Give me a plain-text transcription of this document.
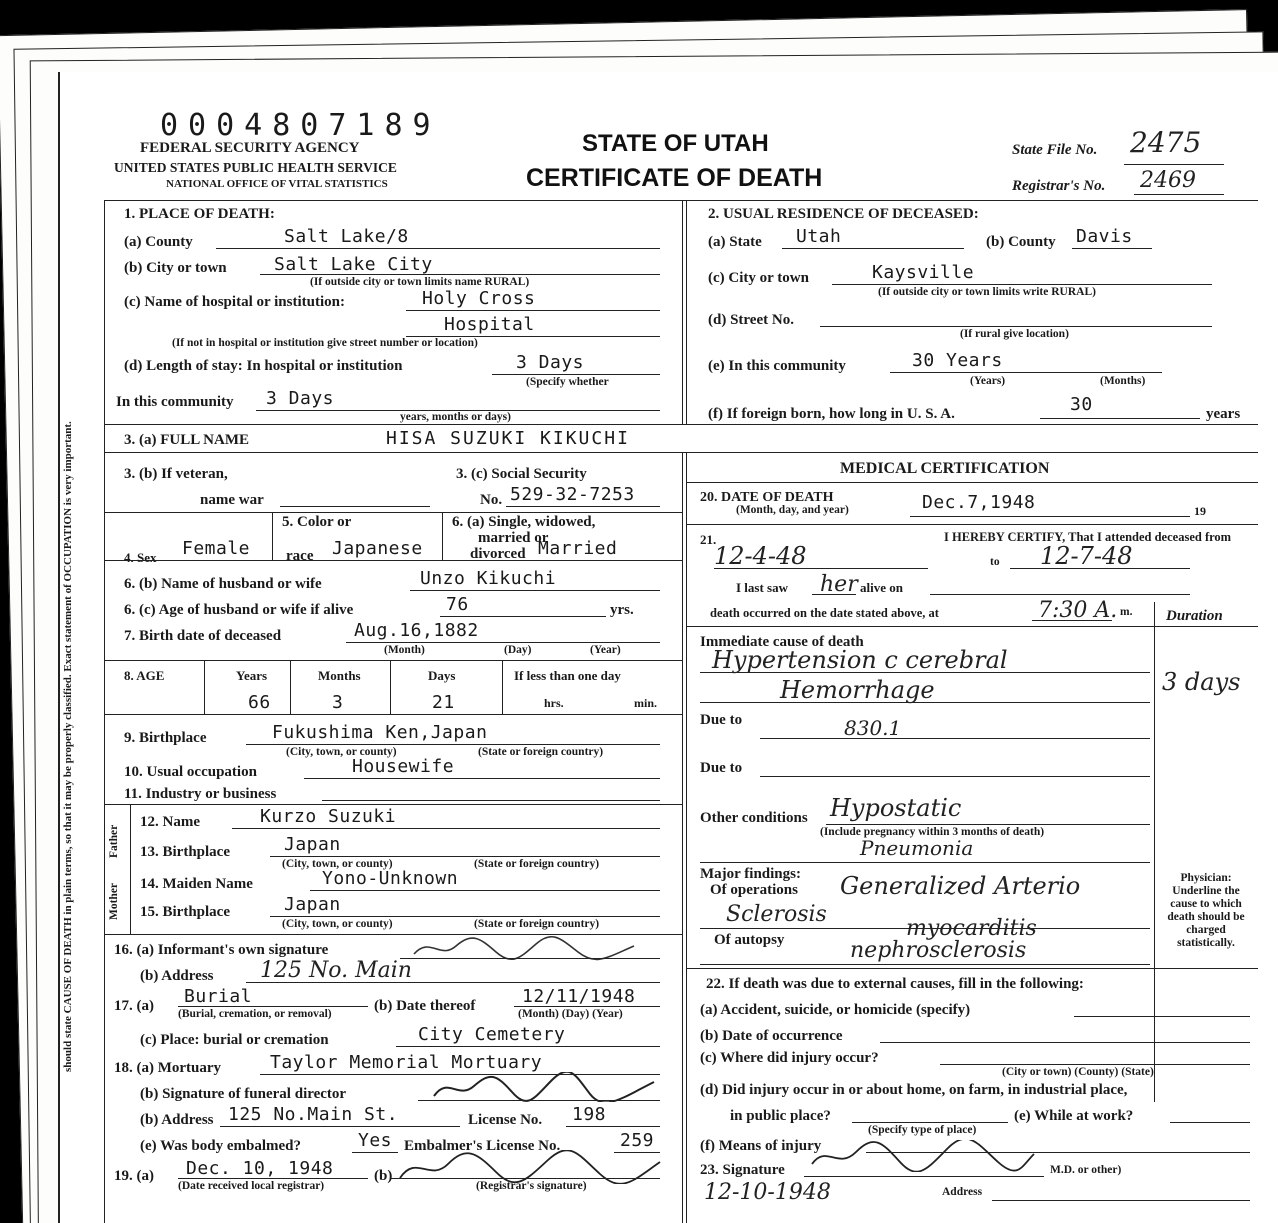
should state CAUSE OF DEATH in plain terms, so that it may be properly classified. Exact statement of OCCUPATION is very important.
0004807189
FEDERAL SECURITY AGENCY
UNITED STATES PUBLIC HEALTH SERVICE
NATIONAL OFFICE OF VITAL STATISTICS
STATE OF UTAH
CERTIFICATE OF DEATH
State File No. 2475
Registrar's No. 2469
1. PLACE OF DEATH:
(a) County	Salt Lake/8
(b) City or town	Salt Lake City
(If outside city or town limits name RURAL)
(c) Name of hospital or institution:	Holy Cross
Hospital
(If not in hospital or institution give street number or location)
(d) Length of stay: In hospital or institution	3 Days
(Specify whether
In this community 3 Days
years, months or days)
2. USUAL RESIDENCE OF DECEASED:
(a) State Utah	(b) County Davis
(c) City or town	Kaysville
(If outside city or town limits write RURAL)
(d) Street No.
(If rural give location)
(e) In this community	30 Years
(Years)	(Months)
(f) If foreign born, how long in U. S. A.	30	years
3. (a) FULL NAME	HISA SUZUKI KIKUCHI
3. (b) If veteran,
name war
3. (c) Social Security
No. 529-32-7253
4. Sex Female
5. Color or
race Japanese
6. (a) Single, widowed,
married or
divorced Married
6. (b) Name of husband or wife	Unzo Kikuchi
6. (c) Age of husband or wife if alive	76	yrs.
7. Birth date of deceased	Aug.16,1882
(Month)	(Day)	(Year)
8. AGE	Years	Months	Days	If less than one day
66	3	21	hrs.	min.
9. Birthplace	Fukushima Ken,Japan
(City, town, or county)	(State or foreign country)
10. Usual occupation	Housewife
11. Industry or business
Father
Mother
12. Name	Kurzo Suzuki
13. Birthplace	Japan
(City, town, or county)	(State or foreign country)
14. Maiden Name	Yono-Unknown
15. Birthplace	Japan
(City, town, or county)	(State or foreign country)
16. (a) Informant's own signature
(b) Address 125 No. Main
17. (a) Burial
(Burial, cremation, or removal)	(b) Date thereof	12/11/1948
(Month) (Day) (Year)
(c) Place: burial or cremation	City Cemetery
18. (a) Mortuary	Taylor Memorial Mortuary
(b) Signature of funeral director
(b) Address 125 No.Main St.	License No. 198
(e) Was body embalmed?	Yes Embalmer's License No.	259
19. (a) Dec. 10, 1948
(Date received local registrar)
(b)
(Registrar's signature)
MEDICAL CERTIFICATION
20. DATE OF DEATH
(Month, day, and year)	Dec.7,1948	19
21.	I HEREBY CERTIFY, That I attended deceased from
12-4-48	to 12-7-48
I last saw her alive on
death occurred on the date stated above, at	7:30 A. m. Duration
Immediate cause of death
Hypertension c cerebral
Hemorrhage	3 days
Due to	830.1
Due to
Other conditions Hypostatic
(Include pregnancy within 3 months of death)
Pneumonia
Major findings:
Of operations Generalized Arterio
Sclerosis
Of autopsy	myocarditis
nephrosclerosis
Physician: Underline the cause to which death should be charged statistically.
22. If death was due to external causes, fill in the following:
(a) Accident, suicide, or homicide (specify)
(b) Date of occurrence
(c) Where did injury occur?
(City or town) (County) (State)
(d) Did injury occur in or about home, on farm, in industrial place,
in public place?
(Specify type of place)
(e) While at work?
(f) Means of injury
23. Signature	M.D. or other)
12-10-1948	Address
